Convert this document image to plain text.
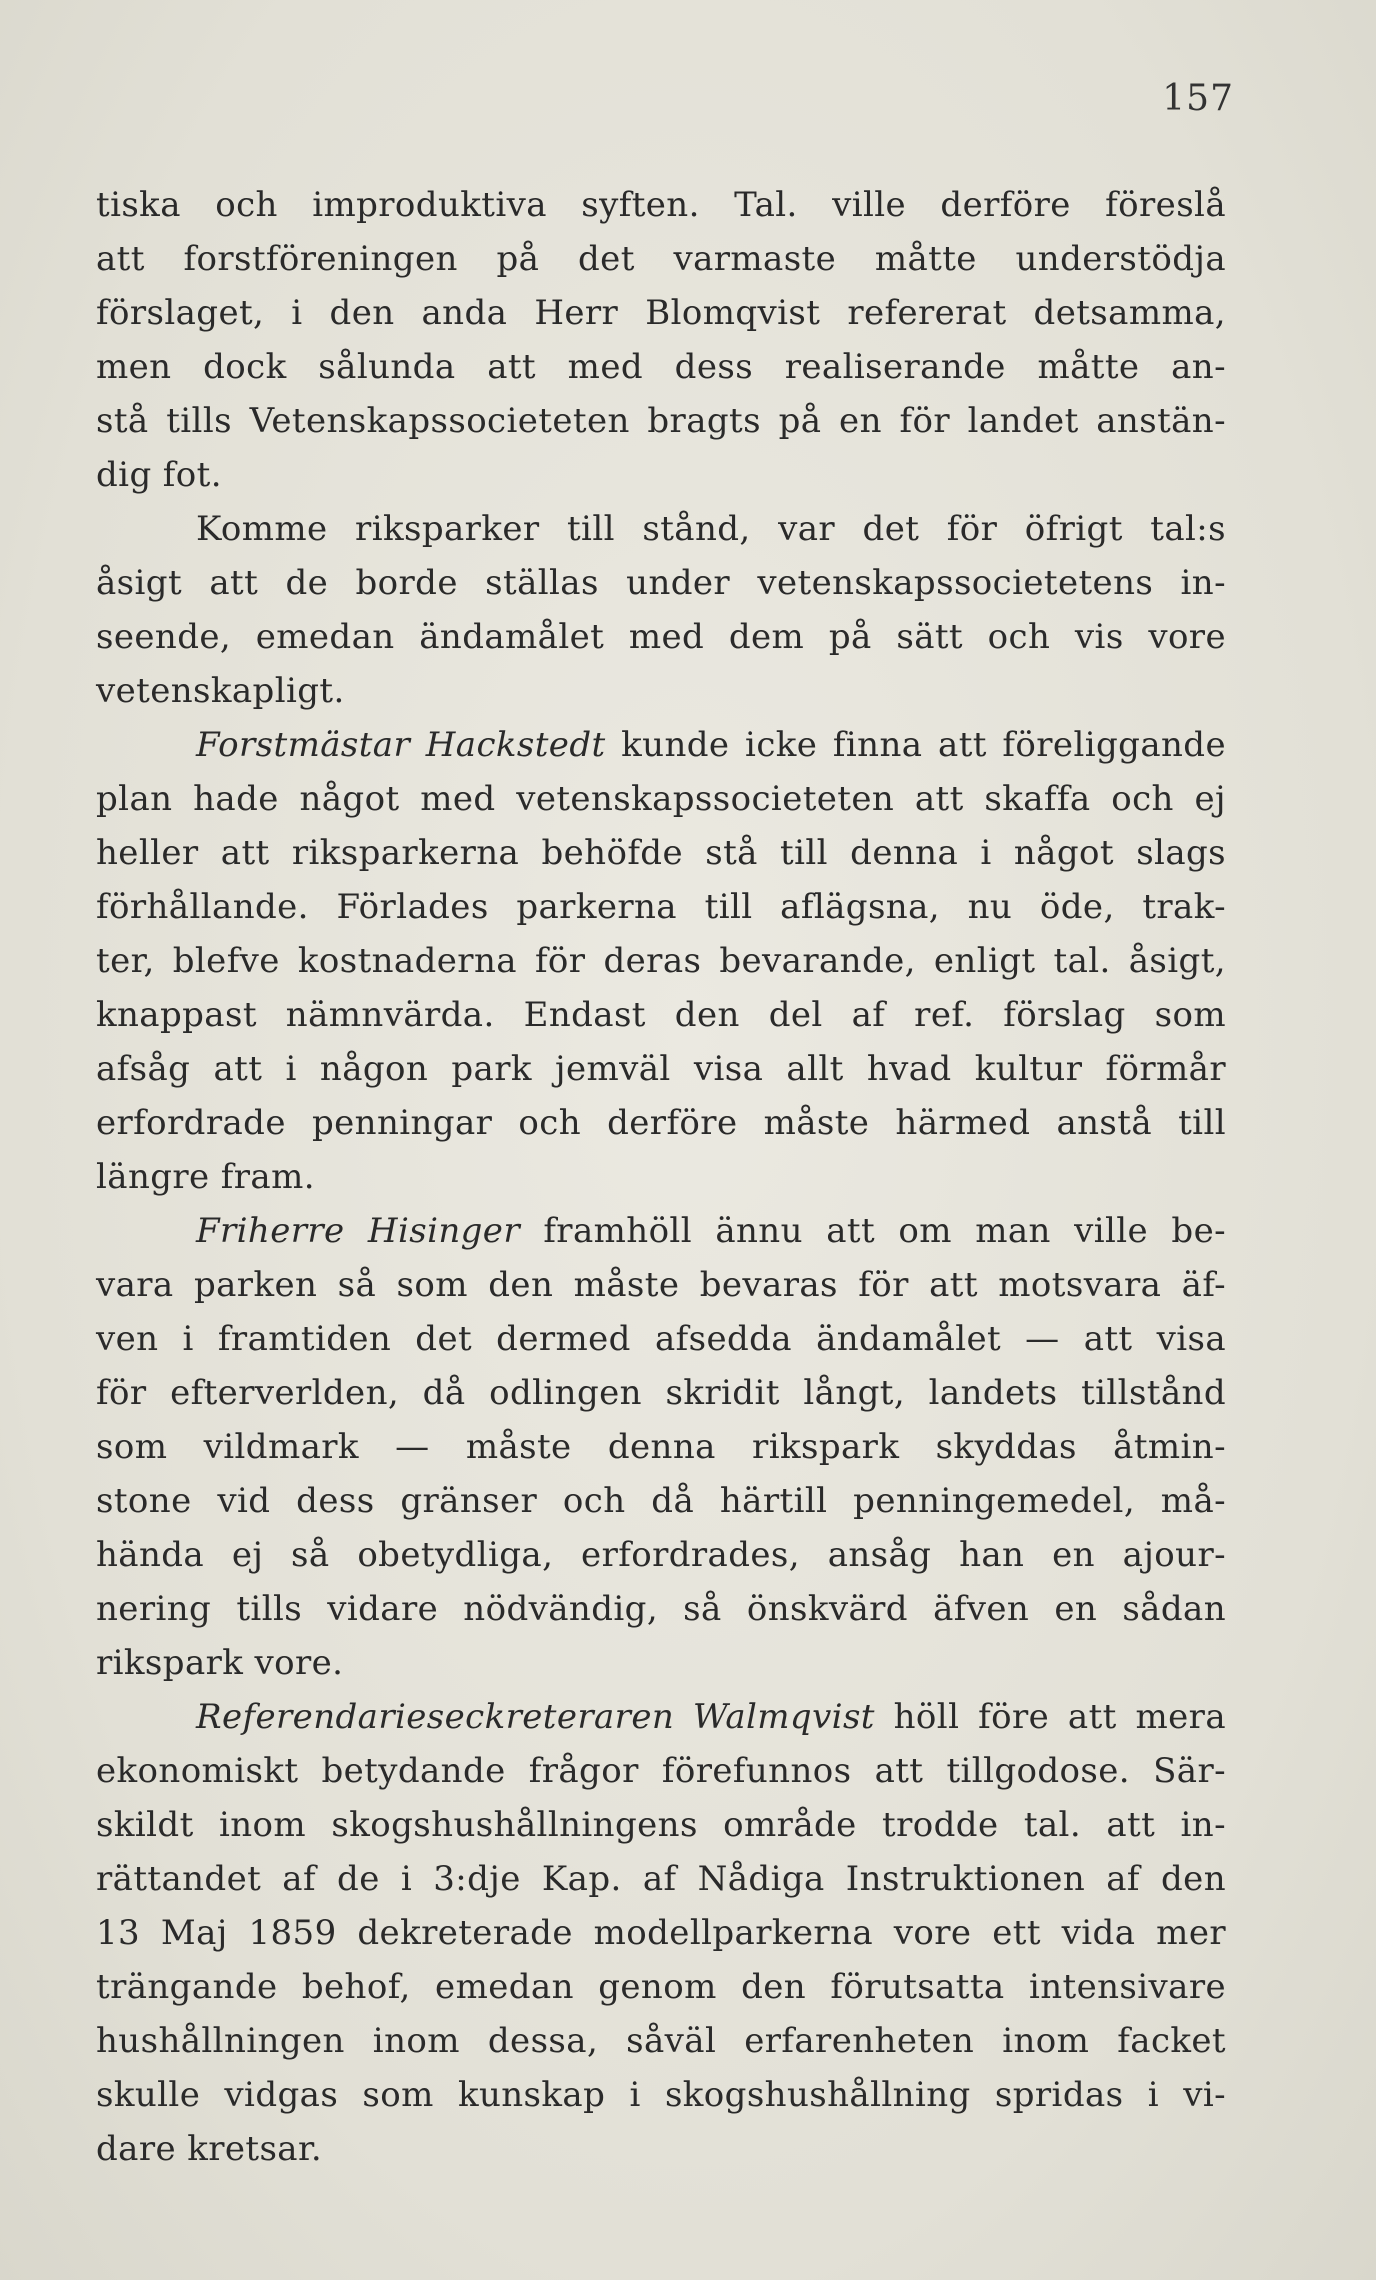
157
tiska och improduktiva syften. Tal. ville derföre föreslå
att forstföreningen på det varmaste måtte understödja
förslaget, i den anda Herr Blomqvist refererat detsamma,
men dock sålunda att med dess realiserande måtte an-
stå tills Vetenskapssocieteten bragts på en för landet anstän-
dig fot.
Komme riksparker till stånd, var det för öfrigt tal:s
åsigt att de borde ställas under vetenskapssocietetens in-
seende, emedan ändamålet med dem på sätt och vis vore
vetenskapligt.
Forstmästar Hackstedt kunde icke finna att föreliggande
plan hade något med vetenskapssocieteten att skaffa och ej
heller att riksparkerna behöfde stå till denna i något slags
förhållande. Förlades parkerna till aflägsna, nu öde, trak-
ter, blefve kostnaderna för deras bevarande, enligt tal. åsigt,
knappast nämnvärda. Endast den del af ref. förslag som
afsåg att i någon park jemväl visa allt hvad kultur förmår
erfordrade penningar och derföre måste härmed anstå till
längre fram.
Friherre Hisinger framhöll ännu att om man ville be-
vara parken så som den måste bevaras för att motsvara äf-
ven i framtiden det dermed afsedda ändamålet — att visa
för efterverlden, då odlingen skridit långt, landets tillstånd
som vildmark — måste denna rikspark skyddas åtmin-
stone vid dess gränser och då härtill penningemedel, må-
hända ej så obetydliga, erfordrades, ansåg han en ajour-
nering tills vidare nödvändig, så önskvärd äfven en sådan
rikspark vore.
Referendarieseckreteraren Walmqvist höll före att mera
ekonomiskt betydande frågor förefunnos att tillgodose. Sär-
skildt inom skogshushållningens område trodde tal. att in-
rättandet af de i 3:dje Kap. af Nådiga Instruktionen af den
13 Maj 1859 dekreterade modellparkerna vore ett vida mer
trängande behof, emedan genom den förutsatta intensivare
hushållningen inom dessa, såväl erfarenheten inom facket
skulle vidgas som kunskap i skogshushållning spridas i vi-
dare kretsar.
